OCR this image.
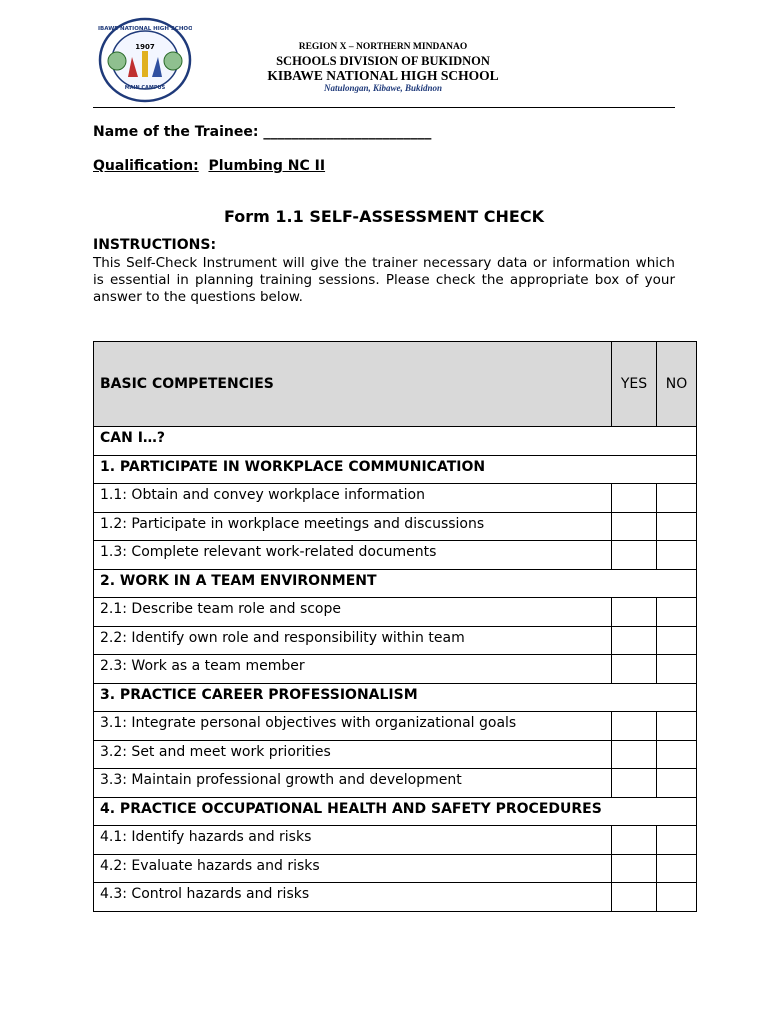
1907
MAIN CAMPUS
KIBAWE NATIONAL HIGH SCHOOL
REGION X – NORTHERN MINDANAO
SCHOOLS DIVISION OF BUKIDNON
KIBAWE NATIONAL HIGH SCHOOL
Natulongan, Kibawe, Bukidnon
Name of the Trainee: ________________________
Qualification: Plumbing NC II
Form 1.1 SELF-ASSESSMENT CHECK
INSTRUCTIONS:
This Self-Check Instrument will give the trainer necessary data or information which is essential in planning training sessions. Please check the appropriate box of your answer to the questions below.
BASIC COMPETENCIES	YES	NO
CAN I…?		
1. PARTICIPATE IN WORKPLACE COMMUNICATION		
1.1: Obtain and convey workplace information		
1.2: Participate in workplace meetings and discussions		
1.3: Complete relevant work-related documents		
2. WORK IN A TEAM ENVIRONMENT		
2.1: Describe team role and scope		
2.2: Identify own role and responsibility within team		
2.3: Work as a team member		
3. PRACTICE CAREER PROFESSIONALISM		
3.1: Integrate personal objectives with organizational goals		
3.2: Set and meet work priorities		
3.3: Maintain professional growth and development		
4. PRACTICE OCCUPATIONAL HEALTH AND SAFETY PROCEDURES		
4.1: Identify hazards and risks		
4.2: Evaluate hazards and risks		
4.3: Control hazards and risks		
